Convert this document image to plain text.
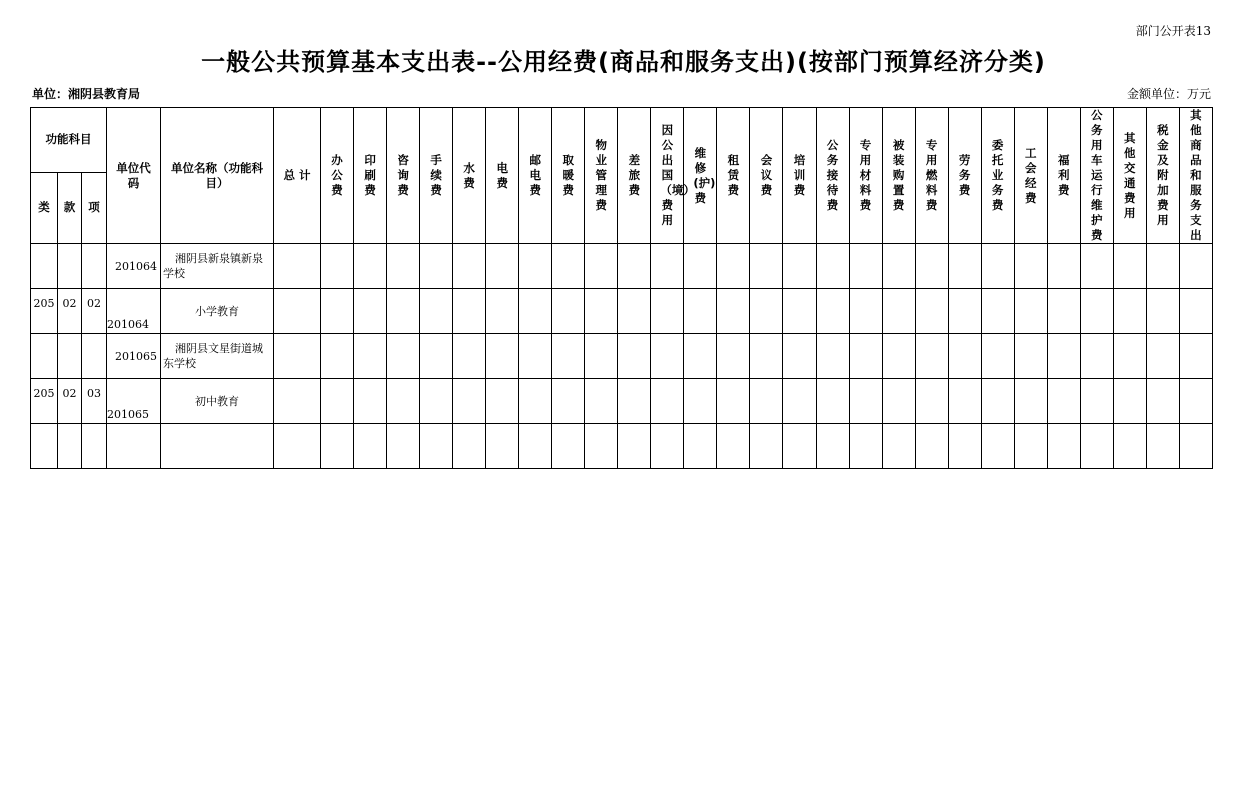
部门公开表13
一般公共预算基本支出表--公用经费(商品和服务支出)(按部门预算经济分类)
单位：湘阴县教育局	金额单位：万元
功能科目			单位代码	单位名称（功能科目）	总 计	办公费	印刷费	咨询费	手续费	水费	电费	邮电费	取暖费	物业管理费	差旅费	因公出国（境）费用	维修(护)费	租赁费	会议费	培训费	公务接待费	专用材料费	被装购置费	专用燃料费	劳务费	委托业务费	工会经费	福利费	公务用车运行维护费	其他交通费用	税金及附加费用	其他商品和服务支出
类	款	项																														
			201064	湘阴县新泉镇新泉学校																												
205	02	02	201064	小学教育																												
			201065	湘阴县文星街道城东学校																												
205	02	03	201065	初中教育																												
